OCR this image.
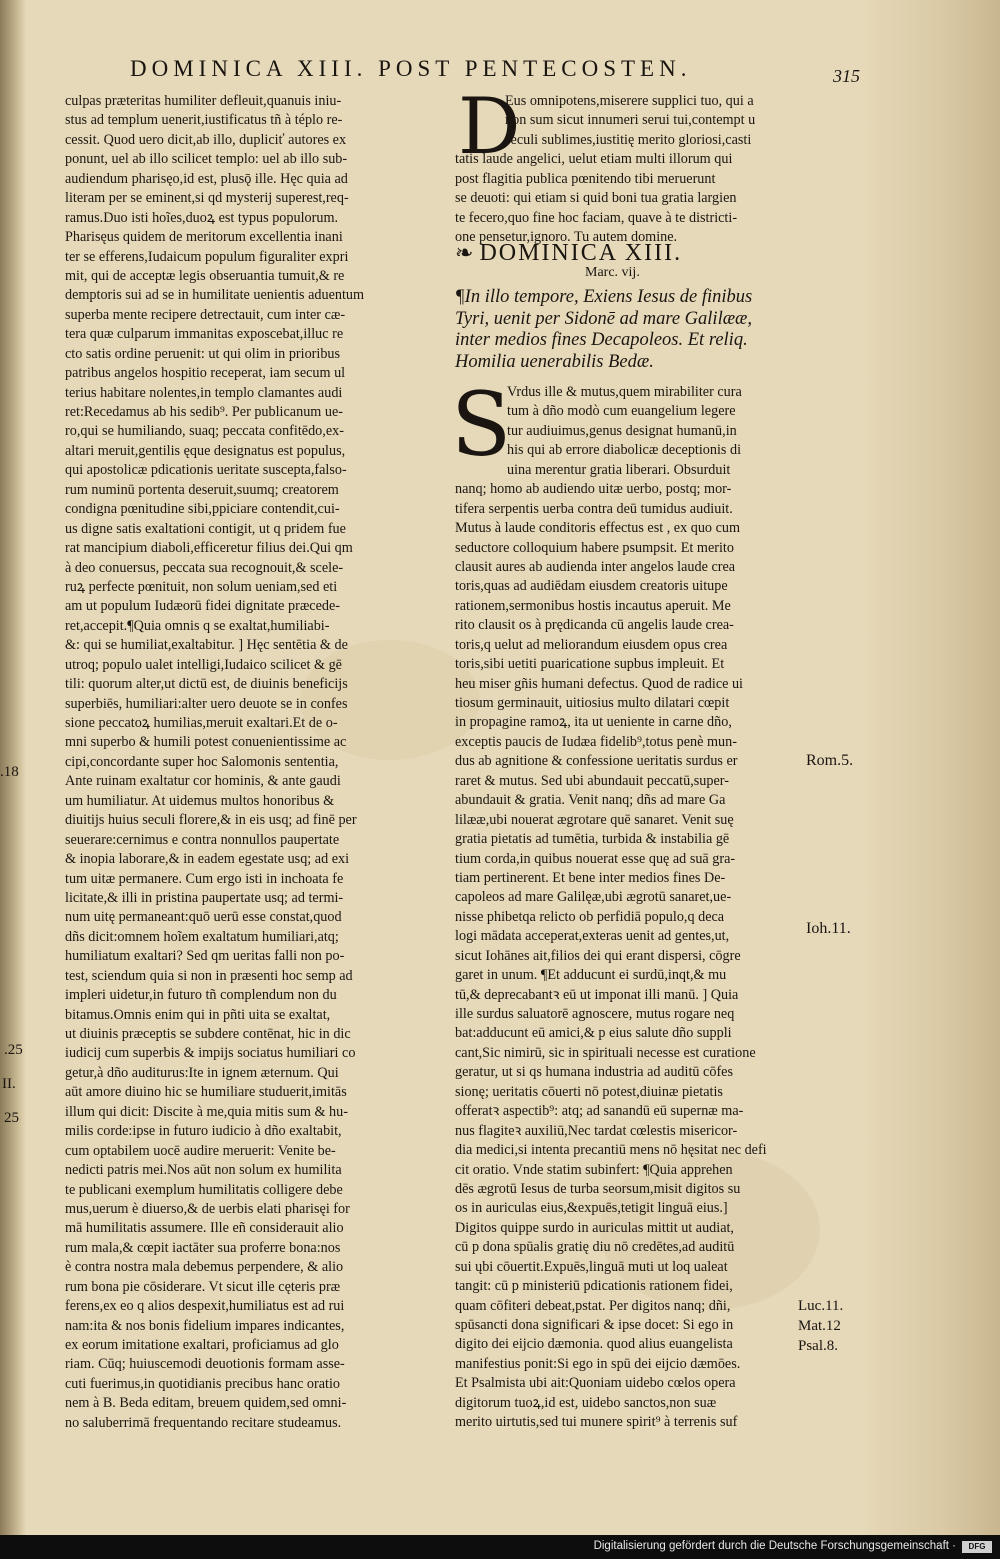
DOMINICA XIII. POST PENTECOSTEN.	315
culpas præteritas humiliter defleuit,quanuis iniu-
stus ad templum uenerit,iustificatus tñ à téplo re-
cessit. Quod uero dicit,ab illo, dupliciť autores ex
ponunt, uel ab illo scilicet templo: uel ab illo sub-
audiendum pharisęo,id est, plusǭ ille. Hęc quia ad
literam per se eminent,si qd mysterij superest,req-
ramus.Duo isti hoĩes,duoꝝ est typus populorum.
Pharisęus quidem de meritorum excellentia inani
ter se efferens,Iudaicum populum figuraliter expri
mit, qui de acceptæ legis obseruantia tumuit,& re
demptoris sui ad se in humilitate uenientis aduentum
superba mente recipere detrectauit, cum inter cæ-
tera quæ culparum immanitas exposcebat,illuc re
cto satis ordine peruenit: ut qui olim in prioribus
patribus angelos hospitio receperat, iam secum ul
terius habitare nolentes,in templo clamantes audi
ret:Recedamus ab his sedib⁹. Per publicanum ue-
ro,qui se humiliando, suaq; peccata confitēdo,ex-
altari meruit,gentilis ęque designatus est populus,
qui apostolicæ pdicationis ueritate suscepta,falso-
rum numinū portenta deseruit,suumq; creatorem
condigna pœnitudine sibi,ppiciare contendit,cui-
us digne satis exaltationi contigit, ut q pridem fue
rat mancipium diaboli,efficeretur filius dei.Qui qm
à deo conuersus, peccata sua recognouit,& scele-
ruꝝ perfecte pœnituit, non solum ueniam,sed eti
am ut populum Iudæorū fidei dignitate præcede-
ret,accepit.¶Quia omnis q se exaltat,humiliabi-
&: qui se humiliat,exaltabitur. ] Hęc sentētia & de
utroq; populo ualet intelligi,Iudaico scilicet & gē
tili: quorum alter,ut dictū est, de diuinis beneficijs
superbiēs, humiliari:alter uero deuote se in confes
sione peccatoꝝ humilias,meruit exaltari.Et de o-
mni superbo & humili potest conuenientissime ac
cipi,concordante super hoc Salomonis sententia,
Ante ruinam exaltatur cor hominis, & ante gaudi
um humiliatur. At uidemus multos honoribus &
diuitijs huius seculi florere,& in eis usq; ad finē per
seuerare:cernimus e contra nonnullos paupertate
& inopia laborare,& in eadem egestate usq; ad exi
tum uitæ permanere. Cum ergo isti in inchoata fe
licitate,& illi in pristina paupertate usq; ad termi-
num uitę permaneant:quō uerū esse constat,quod
dñs dicit:omnem hoĩem exaltatum humiliari,atq;
humiliatum exaltari? Sed qm ueritas falli non po-
test, sciendum quia si non in præsenti hoc semp ad
impleri uidetur,in futuro tñ complendum non du
bitamus.Omnis enim qui in pñti uita se exaltat,
ut diuinis præceptis se subdere contēnat, hic in dic
iudicij cum superbis & impijs sociatus humiliari co
getur,à dño auditurus:Ite in ignem æternum. Qui
aūt amore diuino hic se humiliare studuerit,imitās
illum qui dicit: Discite à me,quia mitis sum & hu-
milis corde:ipse in futuro iudicio à dño exaltabit,
cum optabilem uocē audire meruerit: Venite be-
nedicti patris mei.Nos aūt non solum ex humilita
te publicani exemplum humilitatis colligere debe
mus,uerum è diuerso,& de uerbis elati pharisęi for
mā humilitatis assumere. Ille eñ considerauit alio
rum mala,& cœpit iactāter sua proferre bona:nos
è contra nostra mala debemus perpendere, & alio
rum bona pie cōsiderare. Vt sicut ille cęteris præ
ferens,ex eo q alios despexit,humiliatus est ad rui
nam:ita & nos bonis fidelium impares indicantes,
ex eorum imitatione exaltari, proficiamus ad glo
riam. Cūq; huiuscemodi deuotionis formam asse-
cuti fuerimus,in quotidianis precibus hanc oratio
nem à B. Beda editam, breuem quidem,sed omni-
no saluberrimā frequentando recitare studeamus.
D
Eus omnipotens,miserere supplici tuo, qui a
non sum sicut innumeri serui tui,contempt u
seculi sublimes,iustitię merito gloriosi,casti
tatis laude angelici, uelut etiam multi illorum qui
post flagitia publica pœnitendo tibi meruerunt
se deuoti: qui etiam si quid boni tua gratia largien
te fecero,quo fine hoc faciam, quave à te districti-
one pensetur,ignoro. Tu autem domine.
❧ DOMINICA XIII.
Marc. vij.
¶In illo tempore, Exiens Iesus de finibus
Tyri, uenit per Sidonē ad mare Galilææ,
inter medios fines Decapoleos. Et reliq.
Homilia uenerabilis Bedæ.
S
Vrdus ille & mutus,quem mirabiliter cura
tum à dño modò cum euangelium legere
tur audiuimus,genus designat humanū,in
his qui ab errore diabolicæ deceptionis di
uina merentur gratia liberari. Obsurduit
nanq; homo ab audiendo uitæ uerbo, postq; mor-
tifera serpentis uerba contra deū tumidus audiuit.
Mutus à laude conditoris effectus est , ex quo cum
seductore colloquium habere psumpsit. Et merito
clausit aures ab audienda inter angelos laude crea
toris,quas ad audiēdam eiusdem creatoris uitupe
rationem,sermonibus hostis incautus aperuit. Me
rito clausit os à prędicanda cū angelis laude crea-
toris,q uelut ad meliorandum eiusdem opus crea
toris,sibi uetiti puaricatione supbus impleuit. Et
heu miser gñis humani defectus. Quod de radice ui
tiosum germinauit, uitiosius multo dilatari cœpit
in propagine ramoꝝ, ita ut ueniente in carne dño,
exceptis paucis de Iudæa fidelib⁹,totus penè mun-
dus ab agnitione & confessione ueritatis surdus er
raret & mutus. Sed ubi abundauit peccatū,super-
abundauit & gratia. Venit nanq; dñs ad mare Ga
lilææ,ubi nouerat ægrotare quē sanaret. Venit suę
gratia pietatis ad tumētia, turbida & instabilia gē
tium corda,in quibus nouerat esse quę ad suā gra-
tiam pertinerent. Et bene inter medios fines De-
capoleos ad mare Galilęæ,ubi ægrotū sanaret,ue-
nisse phibetqa relicto ob perfidiā populo,q deca
logi mādata acceperat,exteras uenit ad gentes,ut,
sicut Iohānes ait,filios dei qui erant dispersi, cōgre
garet in unum. ¶Et adducunt ei surdū,inqt,& mu
tū,& deprecabantꝛ eū ut imponat illi manū. ] Quia
ille surdus saluatorē agnoscere, mutus rogare neq
bat:adducunt eū amici,& p eius salute dño suppli
cant,Sic nimirū, sic in spirituali necesse est curatione
geratur, ut si qs humana industria ad auditū cōfes
sionę; ueritatis cōuerti nō potest,diuinæ pietatis
offeratꝛ aspectib⁹: atq; ad sanandū eū supernæ ma-
nus flagiteꝛ auxiliū,Nec tardat cœlestis misericor-
dia medici,si intenta precantiū mens nō hęsitat nec defi
cit oratio. Vnde statim subinfert: ¶Quia apprehen
dēs ægrotū Iesus de turba seorsum,misit digitos su
os in auriculas eius,&expuēs,tetigit linguā eius.]
Digitos quippe surdo in auriculas mittit ut audiat,
cū p dona spūalis gratię diu nō credētes,ad auditū
sui ųbi cōuertit.Expuēs,linguā muti ut loq ualeat
tangit: cū p ministeriū pdicationis rationem fidei,
quam cōfiteri debeat,pstat. Per digitos nanq; dñi,
spūsancti dona significari & ipse docet: Si ego in
digito dei eijcio dæmonia. quod alius euangelista
manifestius ponit:Si ego in spū dei eijcio dæmōes.
Et Psalmista ubi ait:Quoniam uidebo cœlos opera
digitorum tuoꝝ,id est, uidebo sanctos,non suæ
merito uirtutis,sed tui munere spirit⁹ à terrenis suf
.18
.25
II.
25
Rom.5.
Ioh.11.
Luc.11.
Mat.12
Psal.8.
Digitalisierung gefördert durch die Deutsche Forschungsgemeinschaft ·	DFG
